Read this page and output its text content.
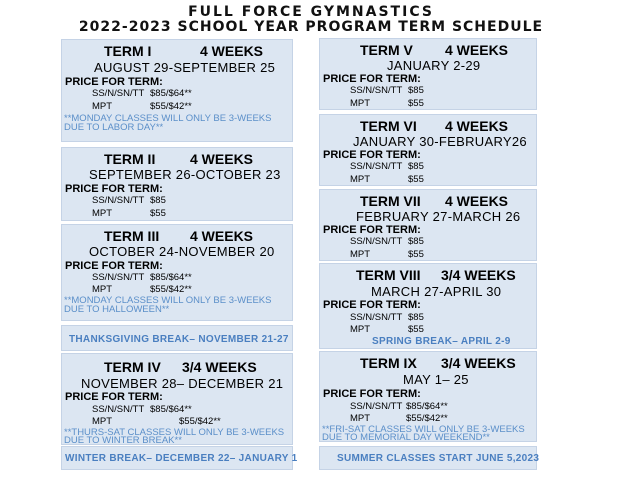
FULL FORCE GYMNASTICS
2022-2023 SCHOOL YEAR PROGRAM TERM SCHEDULE
TERM I	4 WEEKS
AUGUST 29-SEPTEMBER 25
PRICE FOR TERM:
SS/N/SN/TT $85/$64**
MPT	$55/$42**
**MONDAY CLASSES WILL ONLY BE 3-WEEKS
DUE TO LABOR DAY**
TERM II 4 WEEKS
SEPTEMBER 26-OCTOBER 23
PRICE FOR TERM:
SS/N/SN/TT $85
MPT	$55
TERM III 4 WEEKS
OCTOBER 24-NOVEMBER 20
PRICE FOR TERM:
SS/N/SN/TT $85/$64**
MPT	$55/$42**
**MONDAY CLASSES WILL ONLY BE 3-WEEKS
DUE TO HALLOWEEN**
THANKSGIVING BREAK– NOVEMBER 21-27
TERM IV 3/4 WEEKS
NOVEMBER 28– DECEMBER 21
PRICE FOR TERM:
SS/N/SN/TT $85/$64**
MPT	$55/$42**
**THURS-SAT CLASSES WILL ONLY BE 3-WEEKS
DUE TO WINTER BREAK**
WINTER BREAK– DECEMBER 22– JANUARY 1
TERM V 4 WEEKS
JANUARY 2-29
PRICE FOR TERM:
SS/N/SN/TT $85
MPT	$55
TERM VI 4 WEEKS
JANUARY 30-FEBRUARY26
PRICE FOR TERM:
SS/N/SN/TT $85
MPT	$55
TERM VII 4 WEEKS
FEBRUARY 27-MARCH 26
PRICE FOR TERM:
SS/N/SN/TT $85
MPT	$55
TERM VIII 3/4 WEEKS
MARCH 27-APRIL 30
PRICE FOR TERM:
SS/N/SN/TT $85
MPT	$55
SPRING BREAK– APRIL 2-9
TERM IX 3/4 WEEKS
MAY 1– 25
PRICE FOR TERM:
SS/N/SN/TT $85/$64**
MPT	$55/$42**
**FRI-SAT CLASSES WILL ONLY BE 3-WEEKS
DUE TO MEMORIAL DAY WEEKEND**
SUMMER CLASSES START JUNE 5,2023
